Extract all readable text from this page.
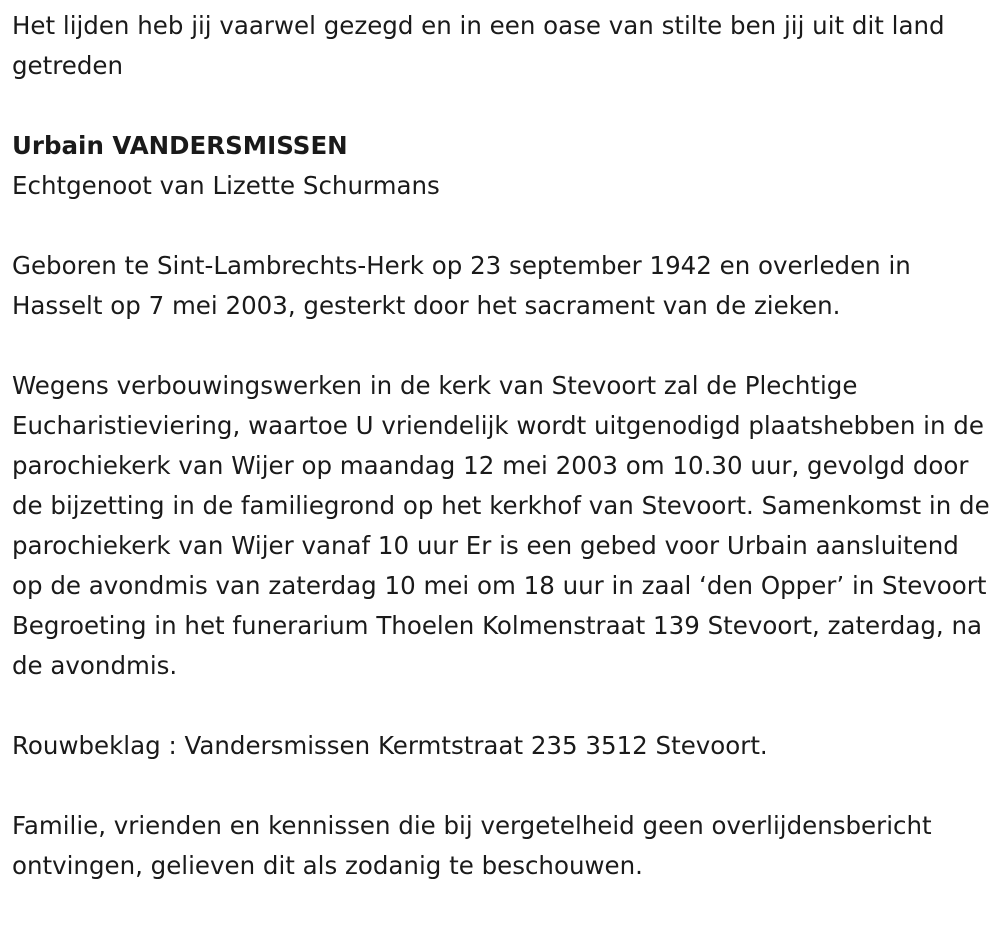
Het lijden heb jij vaarwel gezegd en in een oase van stilte ben jij uit dit land getreden

Urbain VANDERSMISSEN

Echtgenoot van Lizette Schurmans

Geboren te Sint-Lambrechts-Herk op 23 september 1942 en overleden in Hasselt op 7 mei 2003, gesterkt door het sacrament van de zieken.

Wegens verbouwingswerken in de kerk van Stevoort zal de Plechtige Eucharistieviering, waartoe U vriendelijk wordt uitgenodigd plaatshebben in de parochiekerk van Wijer op maandag 12 mei 2003 om 10.30 uur, gevolgd door de bijzetting in de familiegrond op het kerkhof van Stevoort. Samenkomst in de parochiekerk van Wijer vanaf 10 uur Er is een gebed voor Urbain aansluitend op de avondmis van zaterdag 10 mei om 18 uur in zaal ‘den Opper’ in Stevoort Begroeting in het funerarium Thoelen Kolmenstraat 139 Stevoort, zaterdag, na de avondmis.

Rouwbeklag : Vandersmissen Kermtstraat 235 3512 Stevoort.

Familie, vrienden en kennissen die bij vergetelheid geen overlijdensbericht ontvingen, gelieven dit als zodanig te beschouwen.
